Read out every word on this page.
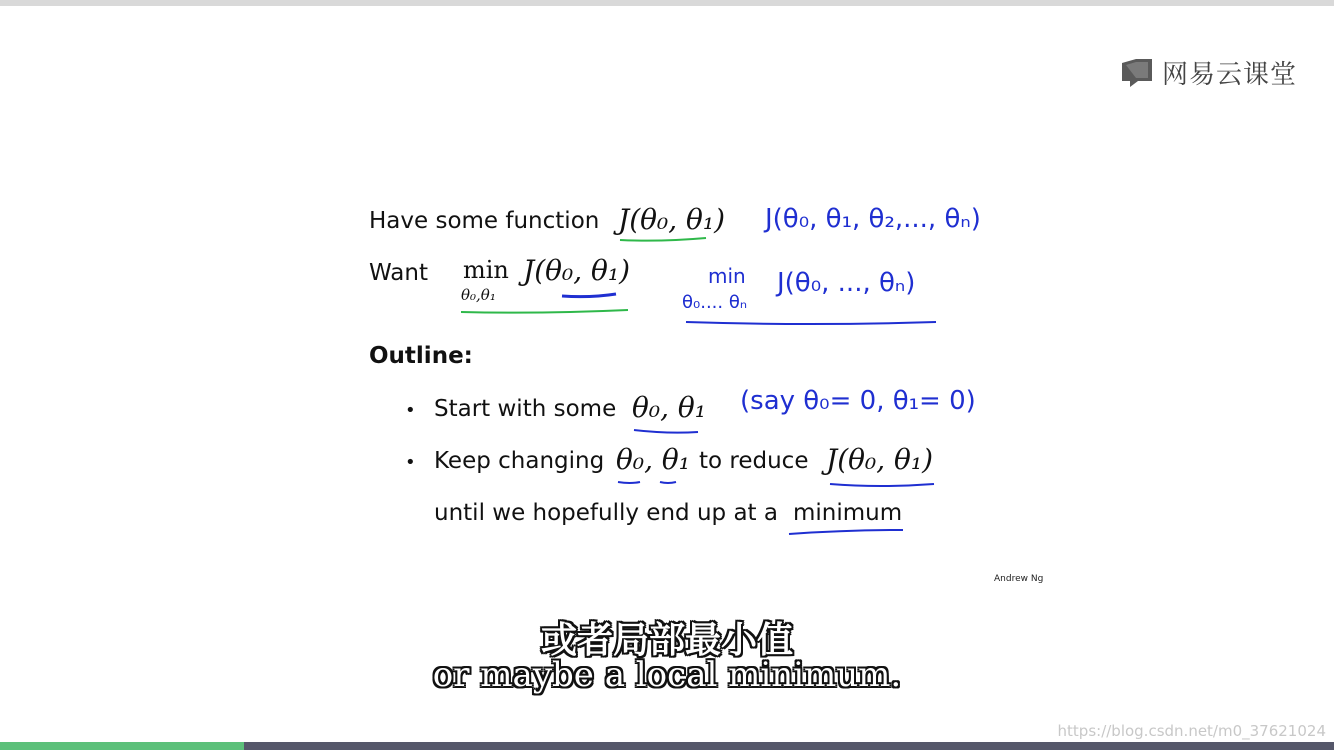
网易云课堂
Have some function J(θ₀, θ₁) J(θ₀, θ₁, θ₂,..., θₙ)
Want min
θ₀,θ₁
J(θ₀, θ₁)	min J(θ₀, ..., θₙ)
θ₀.... θₙ
Outline:
• Start with some θ₀, θ₁ (say θ₀= 0, θ₁= 0)
• Keep changing θ₀, θ₁ to reduce J(θ₀, θ₁)
until we hopefully end up at a minimum
Andrew Ng
或者局部最小值
or maybe a local minimum.
https://blog.csdn.net/m0_37621024
